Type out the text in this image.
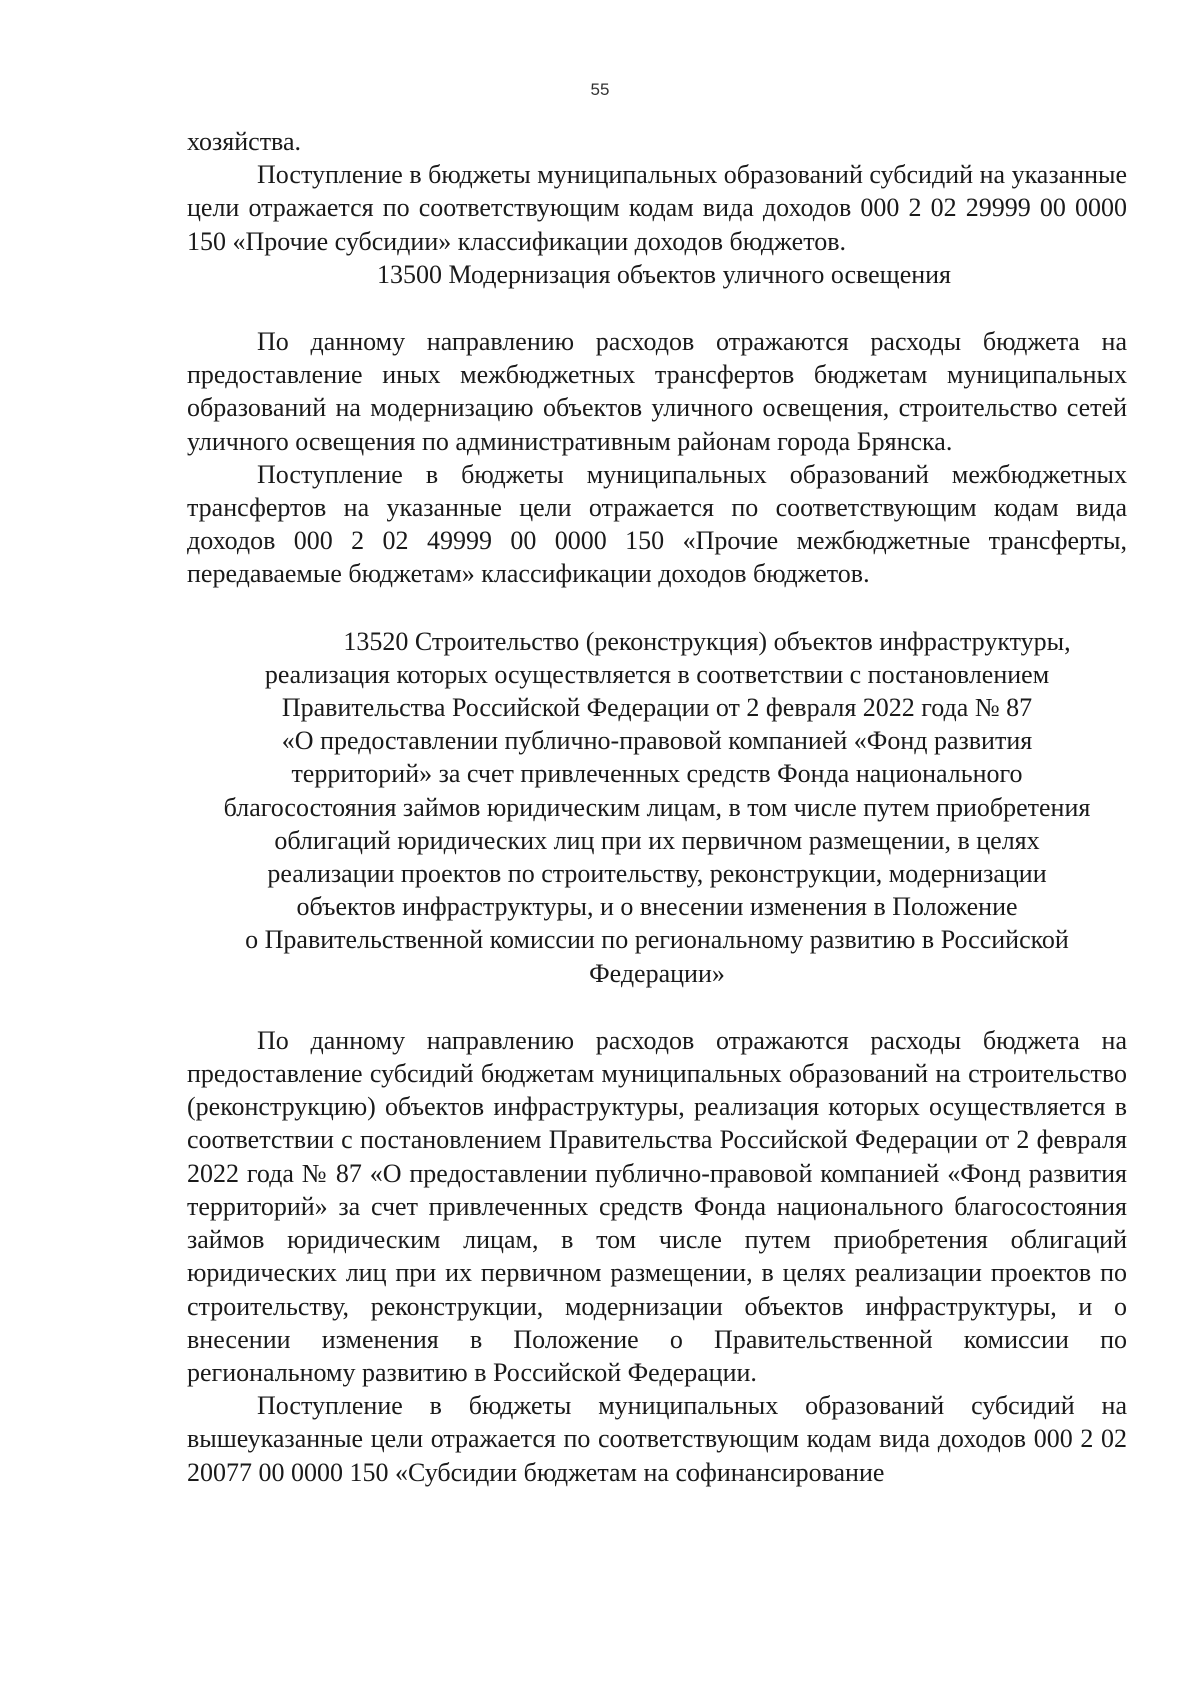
55

хозяйства.

Поступление в бюджеты муниципальных образований субсидий на указанные цели отражается по соответствующим кодам вида доходов 000 2 02 29999 00 0000 150 «Прочие субсидии» классификации доходов бюджетов.

13500 Модернизация объектов уличного освещения

По данному направлению расходов отражаются расходы бюджета на предоставление иных межбюджетных трансфертов бюджетам муниципальных образований на модернизацию объектов уличного освещения, строительство сетей уличного освещения по административным районам города Брянска.

Поступление в бюджеты муниципальных образований межбюджетных трансфертов на указанные цели отражается по соответствующим кодам вида доходов 000 2 02 49999 00 0000 150 «Прочие межбюджетные трансферты, передаваемые бюджетам» классификации доходов бюджетов.

13520 Строительство (реконструкция) объектов инфраструктуры,
реализация которых осуществляется в соответствии с постановлением
Правительства Российской Федерации от 2 февраля 2022 года № 87
«О предоставлении публично-правовой компанией «Фонд развития
территорий» за счет привлеченных средств Фонда национального
благосостояния займов юридическим лицам, в том числе путем приобретения
облигаций юридических лиц при их первичном размещении, в целях
реализации проектов по строительству, реконструкции, модернизации
объектов инфраструктуры, и о внесении изменения в Положение
о Правительственной комиссии по региональному развитию в Российской
Федерации»

По данному направлению расходов отражаются расходы бюджета на предоставление субсидий бюджетам муниципальных образований на строительство (реконструкцию) объектов инфраструктуры, реализация которых осуществляется в соответствии с постановлением Правительства Российской Федерации от 2 февраля 2022 года № 87 «О предоставлении публично-правовой компанией «Фонд развития территорий» за счет привлеченных средств Фонда национального благосостояния займов юридическим лицам, в том числе путем приобретения облигаций юридических лиц при их первичном размещении, в целях реализации проектов по строительству, реконструкции, модернизации объектов инфраструктуры, и о внесении изменения в Положение о Правительственной комиссии по региональному развитию в Российской Федерации.

Поступление в бюджеты муниципальных образований субсидий на вышеуказанные цели отражается по соответствующим кодам вида доходов 000 2 02 20077 00 0000 150 «Субсидии бюджетам на софинансирование
